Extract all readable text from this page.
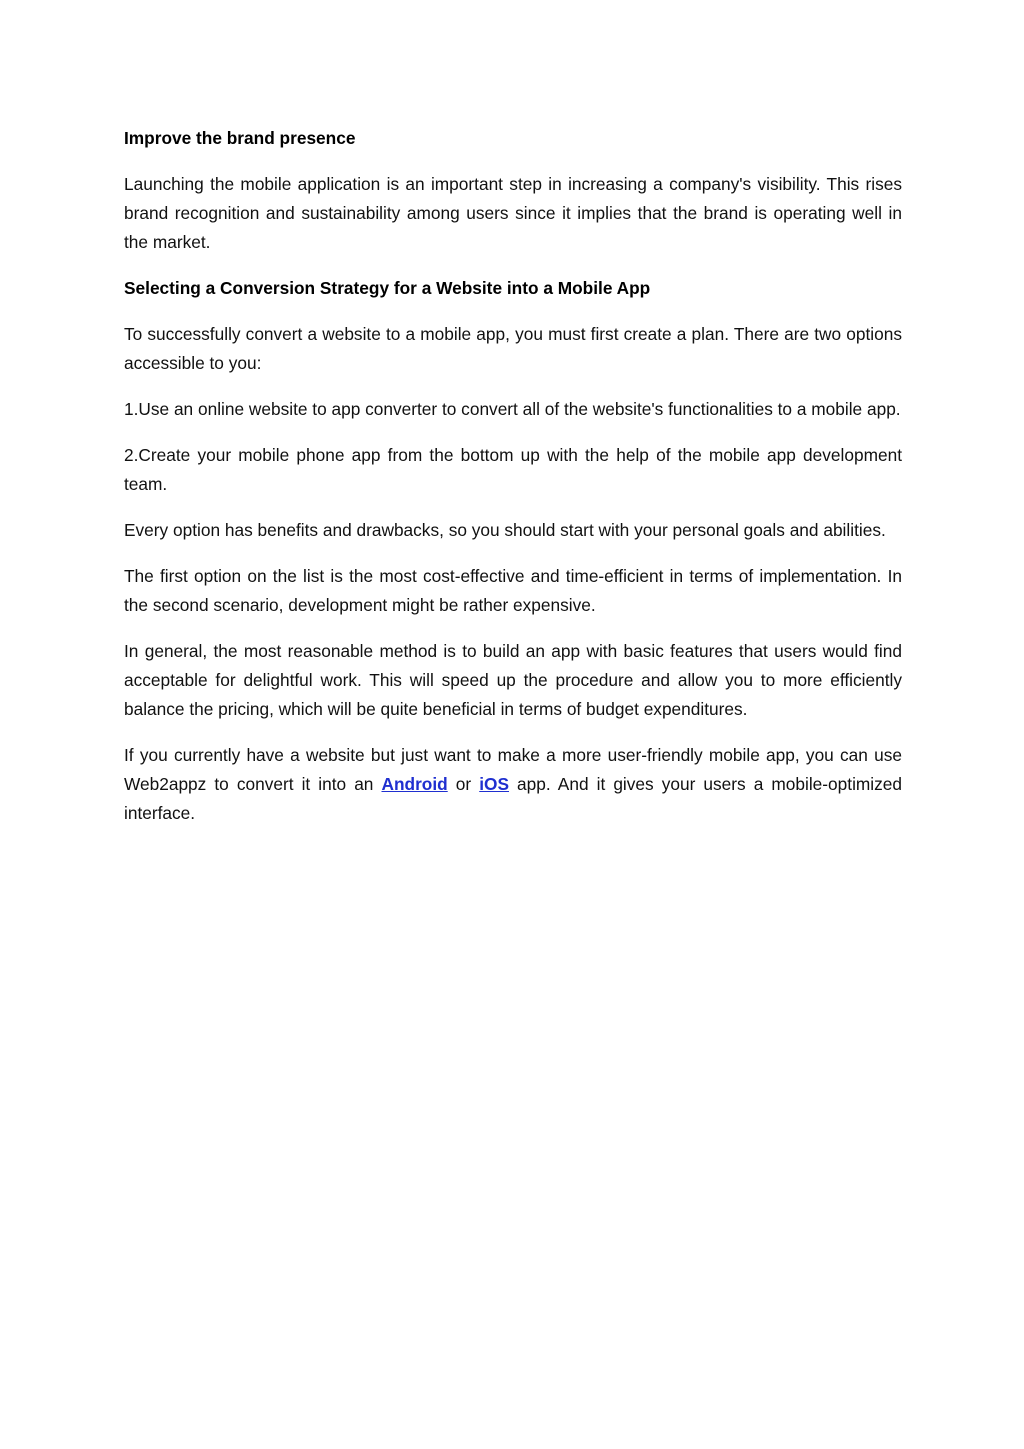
Improve the brand presence

Launching the mobile application is an important step in increasing a company's visibility. This rises brand recognition and sustainability among users since it implies that the brand is operating well in the market.

Selecting a Conversion Strategy for a Website into a Mobile App

To successfully convert a website to a mobile app, you must first create a plan. There are two options accessible to you:

1.Use an online website to app converter to convert all of the website's functionalities to a mobile app.

2.Create your mobile phone app from the bottom up with the help of the mobile app development team.

Every option has benefits and drawbacks, so you should start with your personal goals and abilities.

The first option on the list is the most cost-effective and time-efficient in terms of implementation. In the second scenario, development might be rather expensive.

In general, the most reasonable method is to build an app with basic features that users would find acceptable for delightful work. This will speed up the procedure and allow you to more efficiently balance the pricing, which will be quite beneficial in terms of budget expenditures.

If you currently have a website but just want to make a more user-friendly mobile app, you can use Web2appz to convert it into an Android or iOS app. And it gives your users a mobile-optimized interface.
